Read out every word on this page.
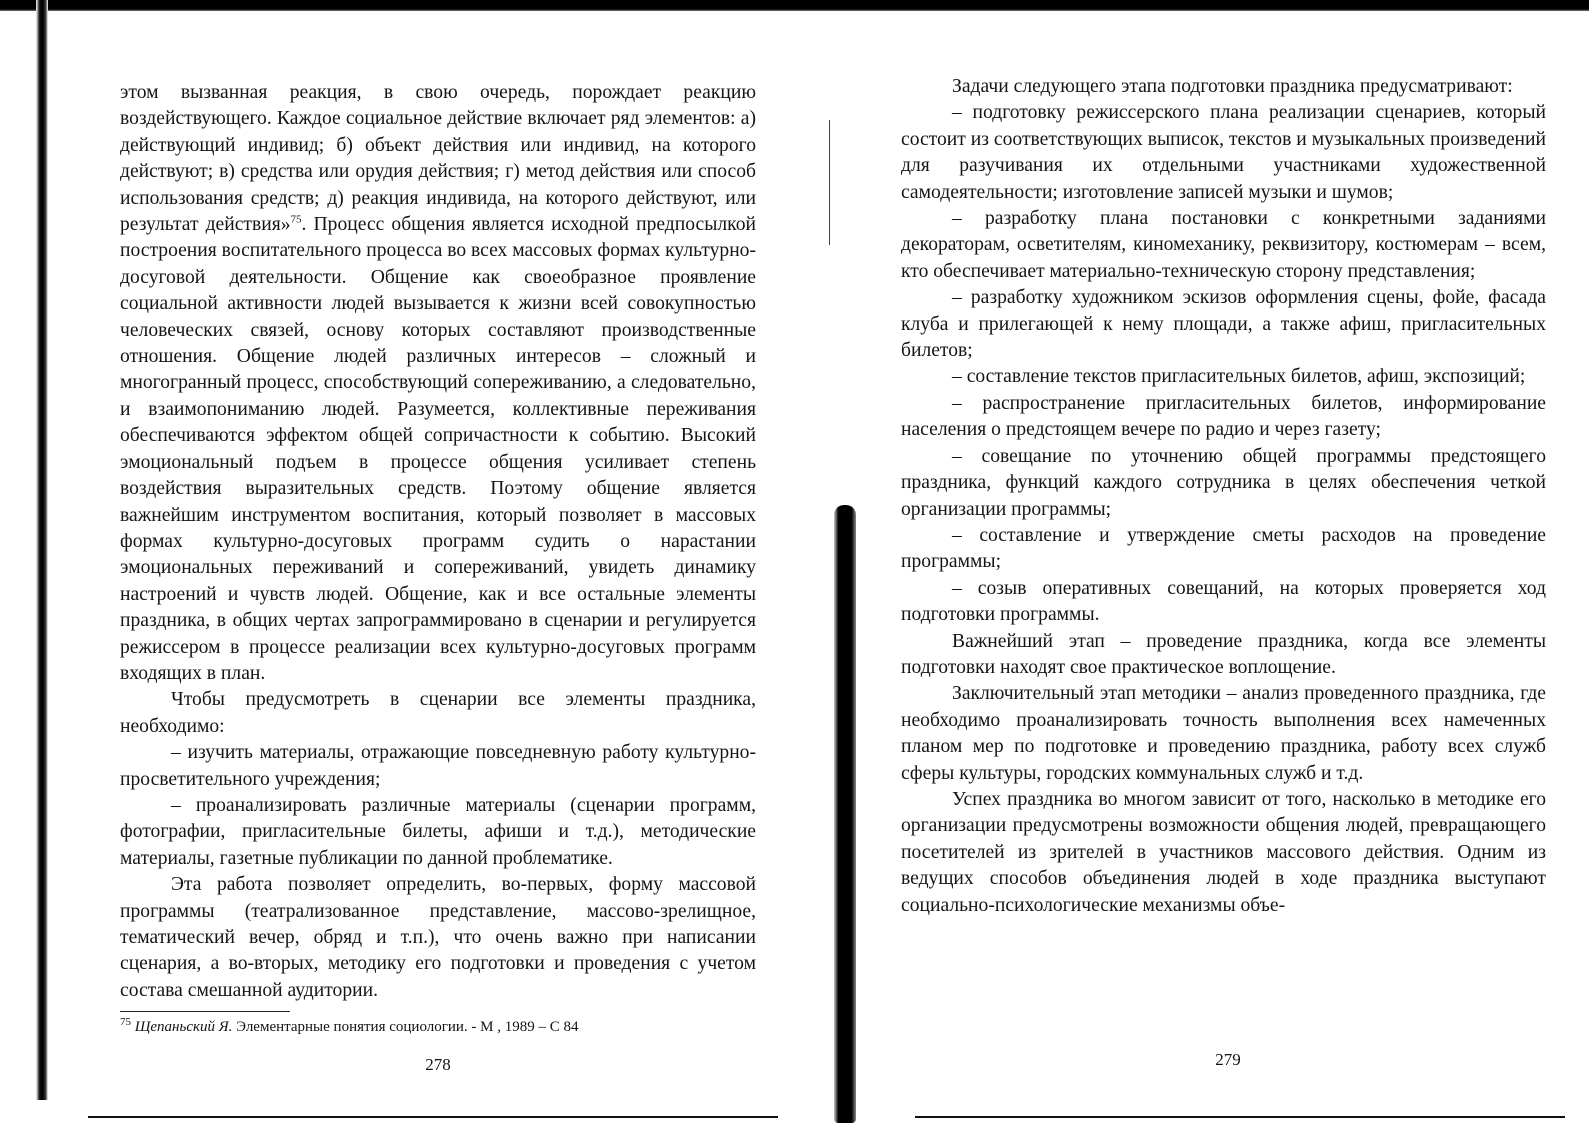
этом вызванная реакция, в свою очередь, порождает реакцию воздействующего. Каждое социальное действие включает ряд элементов: а) действующий индивид; б) объект действия или индивид, на которого действуют; в) средства или орудия действия; г) метод действия или способ использования средств; д) реакция индивида, на которого действуют, или результат действия»$^{75}$. Процесс общения является исходной предпосылкой построения воспитательного процесса во всех массовых формах культурно-досуговой деятельности. Общение как своеобразное проявление социальной активности людей вызывается к жизни всей совокупностью человеческих связей, основу которых составляют производственные отношения. Общение людей различных интересов – сложный и многогранный процесс, способствующий сопереживанию, а следовательно, и взаимопониманию людей. Разумеется, коллективные переживания обеспечиваются эффектом общей сопричастности к событию. Высокий эмоциональный подъем в процессе общения усиливает степень воздействия выразительных средств. Поэтому общение является важнейшим инструментом воспитания, который позволяет в массовых формах культурно-досуговых программ судить о нарастании эмоциональных переживаний и сопереживаний, увидеть динамику настроений и чувств людей. Общение, как и все остальные элементы праздника, в общих чертах запрограммировано в сценарии и регулируется режиссером в процессе реализации всех культурно-досуговых программ входящих в план.

Чтобы предусмотреть в сценарии все элементы праздника, необходимо:

– изучить материалы, отражающие повседневную работу культурно-просветительного учреждения;

– проанализировать различные материалы (сценарии программ, фотографии, пригласительные билеты, афиши и т.д.), методические материалы, газетные публикации по данной проблематике.

Эта работа позволяет определить, во-первых, форму массовой программы (театрализованное представление, массово-зрелищное, тематический вечер, обряд и т.п.), что очень важно при написании сценария, а во-вторых, методику его подготовки и проведения с учетом состава смешанной аудитории.

$^{75}$ Щепаньский Я. Элементарные понятия социологии. - М , 1989 – С 84
278

Задачи следующего этапа подготовки праздника предусматривают:

– подготовку режиссерского плана реализации сценариев, который состоит из соответствующих выписок, текстов и музыкальных произведений для разучивания их отдельными участниками художественной самодеятельности; изготовление записей музыки и шумов;

– разработку плана постановки с конкретными заданиями декораторам, осветителям, киномеханику, реквизитору, костюмерам – всем, кто обеспечивает материально-техническую сторону представления;

– разработку художником эскизов оформления сцены, фойе, фасада клуба и прилегающей к нему площади, а также афиш, пригласительных билетов;

– составление текстов пригласительных билетов, афиш, экспозиций;

– распространение пригласительных билетов, информирование населения о предстоящем вечере по радио и через газету;

– совещание по уточнению общей программы предстоящего праздника, функций каждого сотрудника в целях обеспечения четкой организации программы;

– составление и утверждение сметы расходов на проведение программы;

– созыв оперативных совещаний, на которых проверяется ход подготовки программы.

Важнейший этап – проведение праздника, когда все элементы подготовки находят свое практическое воплощение.

Заключительный этап методики – анализ проведенного праздника, где необходимо проанализировать точность выполнения всех намеченных планом мер по подготовке и проведению праздника, работу всех служб сферы культуры, городских коммунальных служб и т.д.

Успех праздника во многом зависит от того, насколько в методике его организации предусмотрены возможности общения людей, превращающего посетителей из зрителей в участников массового действия. Одним из ведущих способов объединения людей в ходе праздника выступают социально-психологические механизмы объе-

279
